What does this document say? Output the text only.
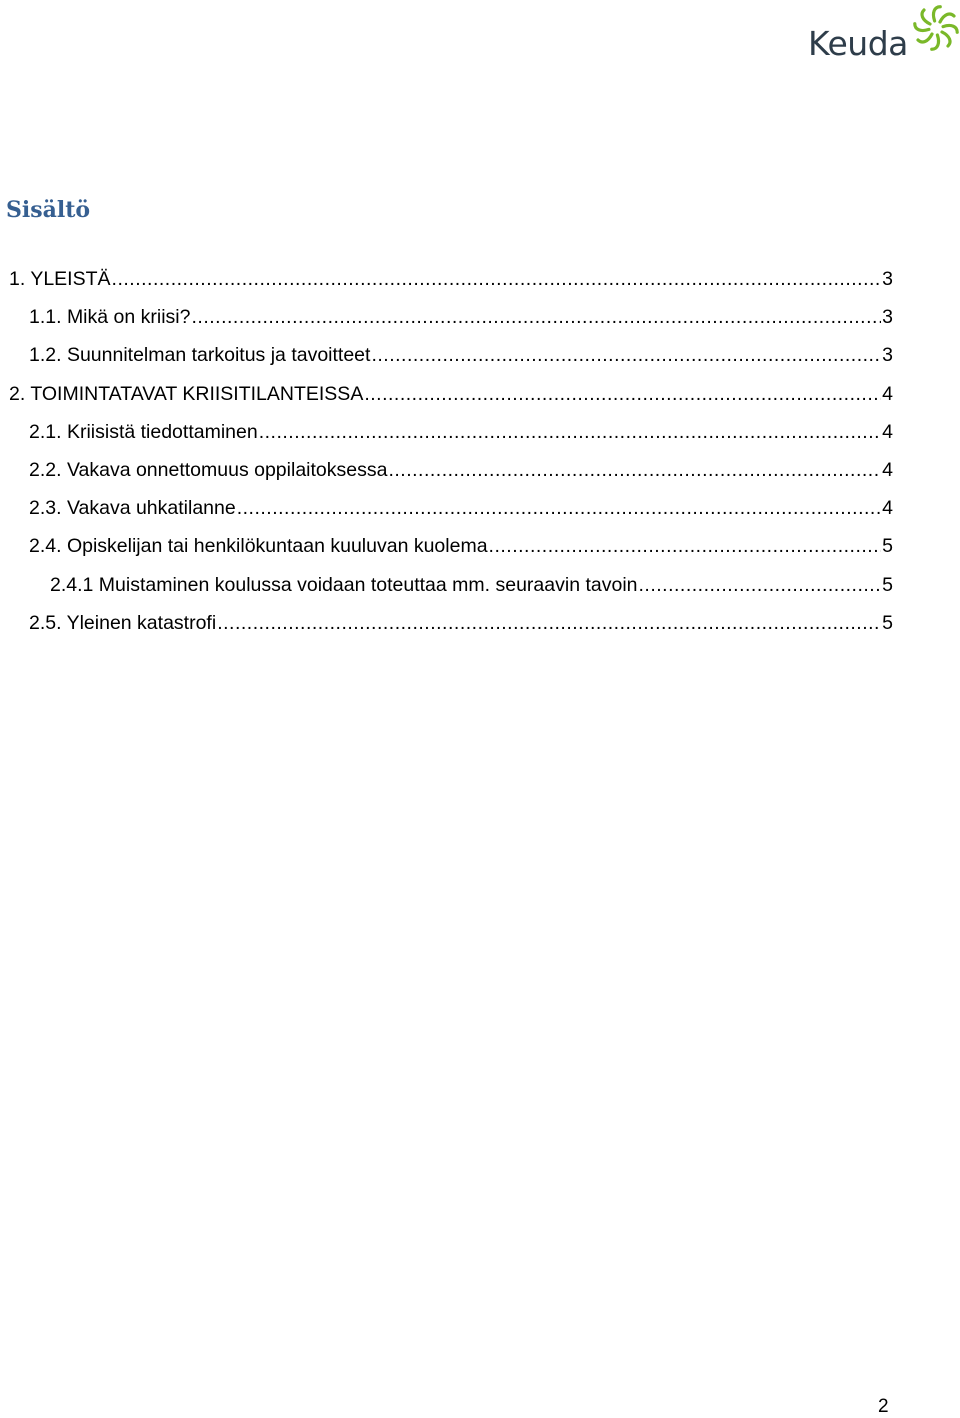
Keuda
Sisältö
1. YLEISTÄ .....	3
1.1. Mikä on kriisi? .....	3
1.2. Suunnitelman tarkoitus ja tavoitteet .....	3
2. TOIMINTATAVAT KRIISITILANTEISSA .....	4
2.1. Kriisistä tiedottaminen .....	4
2.2. Vakava onnettomuus oppilaitoksessa .....	4
2.3. Vakava uhkatilanne .....	4
2.4. Opiskelijan tai henkilökuntaan kuuluvan kuolema .....	5
2.4.1 Muistaminen koulussa voidaan toteuttaa mm. seuraavin tavoin .....	5
2.5. Yleinen katastrofi .....	5
2
